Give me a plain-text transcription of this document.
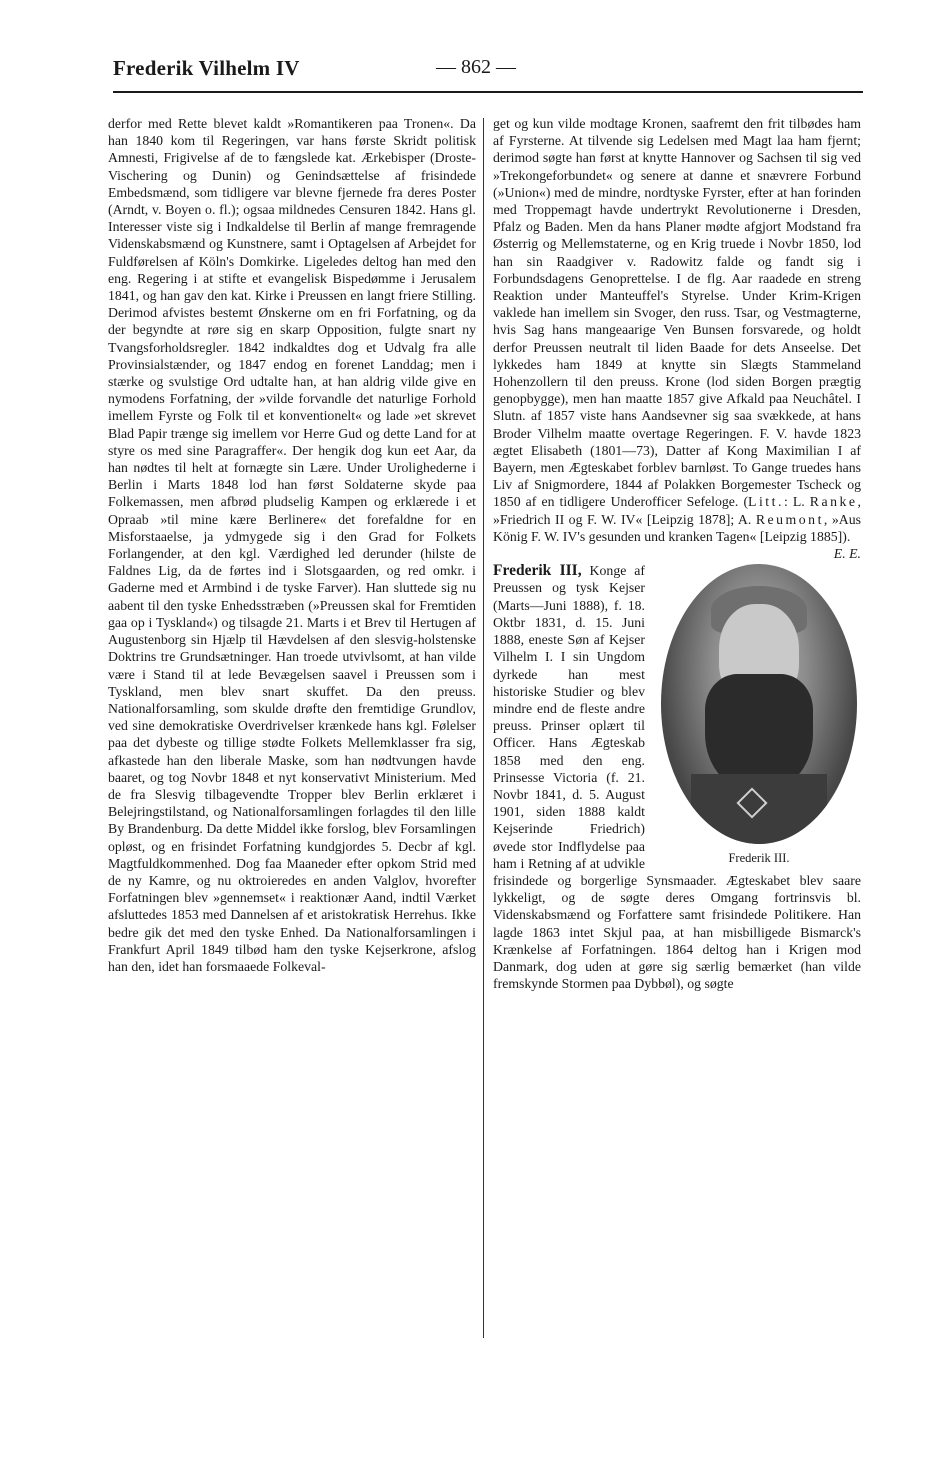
Frederik Vilhelm IV	— 862 —

derfor med Rette blevet kaldt »Romantikeren paa Tronen«. Da han 1840 kom til Regeringen, var hans første Skridt politisk Amnesti, Frigivelse af de to fængslede kat. Ærkebisper (Droste-Vischering og Dunin) og Genindsættelse af frisindede Embedsmænd, som tidligere var blevne fjernede fra deres Poster (Arndt, v. Boyen o. fl.); ogsaa mildnedes Censuren 1842. Hans gl. Interesser viste sig i Indkaldelse til Berlin af mange fremragende Videnskabsmænd og Kunstnere, samt i Optagelsen af Arbejdet for Fuldførelsen af Köln's Domkirke. Ligeledes deltog han med den eng. Regering i at stifte et evangelisk Bispedømme i Jerusalem 1841, og han gav den kat. Kirke i Preussen en langt friere Stilling. Derimod afvistes bestemt Ønskerne om en fri Forfatning, og da der begyndte at røre sig en skarp Opposition, fulgte snart ny Tvangsforholdsregler. 1842 indkaldtes dog et Udvalg fra alle Provinsialstænder, og 1847 endog en forenet Landdag; men i stærke og svulstige Ord udtalte han, at han aldrig vilde give en nymodens Forfatning, der »vilde forvandle det naturlige Forhold imellem Fyrste og Folk til et konventionelt« og lade »et skrevet Blad Papir trænge sig imellem vor Herre Gud og dette Land for at styre os med sine Paragraffer«. Der hengik dog kun eet Aar, da han nødtes til helt at fornægte sin Lære. Under Urolighederne i Berlin i Marts 1848 lod han først Soldaterne skyde paa Folkemassen, men afbrød pludselig Kampen og erklærede i et Opraab »til mine kære Berlinere« det forefaldne for en Misforstaaelse, ja ydmygede sig i den Grad for Folkets Forlangender, at den kgl. Værdighed led derunder (hilste de Faldnes Lig, da de førtes ind i Slotsgaarden, og red omkr. i Gaderne med et Armbind i de tyske Farver). Han sluttede sig nu aabent til den tyske Enhedsstræben (»Preussen skal for Fremtiden gaa op i Tyskland«) og tilsagde 21. Marts i et Brev til Hertugen af Augustenborg sin Hjælp til Hævdelsen af den slesvig-holstenske Doktrins tre Grundsætninger. Han troede utvivlsomt, at han vilde være i Stand til at lede Bevægelsen saavel i Preussen som i Tyskland, men blev snart skuffet. Da den preuss. Nationalforsamling, som skulde drøfte den fremtidige Grundlov, ved sine demokratiske Overdrivelser krænkede hans kgl. Følelser paa det dybeste og tillige stødte Folkets Mellemklasser fra sig, afkastede han den liberale Maske, som han nødtvungen havde baaret, og tog Novbr 1848 et nyt konservativt Ministerium. Med de fra Slesvig tilbagevendte Tropper blev Berlin erklæret i Belejringstilstand, og Nationalforsamlingen forlagdes til den lille By Brandenburg. Da dette Middel ikke forslog, blev Forsamlingen opløst, og en frisindet Forfatning kundgjordes 5. Decbr af kgl. Magtfuldkommenhed. Dog faa Maaneder efter opkom Strid med de ny Kamre, og nu oktroieredes en anden Valglov, hvorefter Forfatningen blev »gennemset« i reaktionær Aand, indtil Værket afsluttedes 1853 med Dannelsen af et aristokratisk Herrehus. Ikke bedre gik det med den tyske Enhed. Da Nationalforsamlingen i Frankfurt April 1849 tilbød ham den tyske Kejserkrone, afslog han den, idet han forsmaaede Folkeval-

get og kun vilde modtage Kronen, saafremt den frit tilbødes ham af Fyrsterne. At tilvende sig Ledelsen med Magt laa ham fjernt; derimod søgte han først at knytte Hannover og Sachsen til sig ved »Trekongeforbundet« og senere at danne et snævrere Forbund (»Union«) med de mindre, nordtyske Fyrster, efter at han forinden med Troppemagt havde undertrykt Revolutionerne i Dresden, Pfalz og Baden. Men da hans Planer mødte afgjort Modstand fra Østerrig og Mellemstaterne, og en Krig truede i Novbr 1850, lod han sin Raadgiver v. Radowitz falde og fandt sig i Forbundsdagens Genoprettelse. I de flg. Aar raadede en streng Reaktion under Manteuffel's Styrelse. Under Krim-Krigen vaklede han imellem sin Svoger, den russ. Tsar, og Vestmagterne, hvis Sag hans mangeaarige Ven Bunsen forsvarede, og holdt derfor Preussen neutralt til liden Baade for dets Anseelse. Det lykkedes ham 1849 at knytte sin Slægts Stammeland Hohenzollern til den preuss. Krone (lod siden Borgen prægtig genopbygge), men han maatte 1857 give Afkald paa Neuchâtel. I Slutn. af 1857 viste hans Aandsevner sig saa svækkede, at hans Broder Vilhelm maatte overtage Regeringen. F. V. havde 1823 ægtet Elisabeth (1801—73), Datter af Kong Maximilian I af Bayern, men Ægteskabet forblev barnløst. To Gange truedes hans Liv af Snigmordere, 1844 af Polakken Borgemester Tscheck og 1850 af en tidligere Underofficer Sefeloge. (Litt.: L. Ranke, »Friedrich II og F. W. IV« [Leipzig 1878]; A. Reumont, »Aus König F. W. IV's gesunden und kranken Tagen« [Leipzig 1885]).

E. E.

Frederik III.
Frederik III, Konge af Preussen og tysk Kejser (Marts—Juni 1888), f. 18. Oktbr 1831, d. 15. Juni 1888, eneste Søn af Kejser Vilhelm I. I sin Ungdom dyrkede han mest historiske Studier og blev mindre end de fleste andre preuss. Prinser oplært til Officer. Hans Ægteskab 1858 med den eng. Prinsesse Victoria (f. 21. Novbr 1841, d. 5. August 1901, siden 1888 kaldt Kejserinde Friedrich) øvede stor Indflydelse paa ham i Retning af at udvikle frisindede og borgerlige Synsmaader. Ægteskabet blev saare lykkeligt, og de søgte deres Omgang fortrinsvis bl. Videnskabsmænd og Forfattere samt frisindede Politikere. Han lagde 1863 intet Skjul paa, at han misbilligede Bismarck's Krænkelse af Forfatningen. 1864 deltog han i Krigen mod Danmark, dog uden at gøre sig særlig bemærket (han vilde fremskynde Stormen paa Dybbøl), og søgte
